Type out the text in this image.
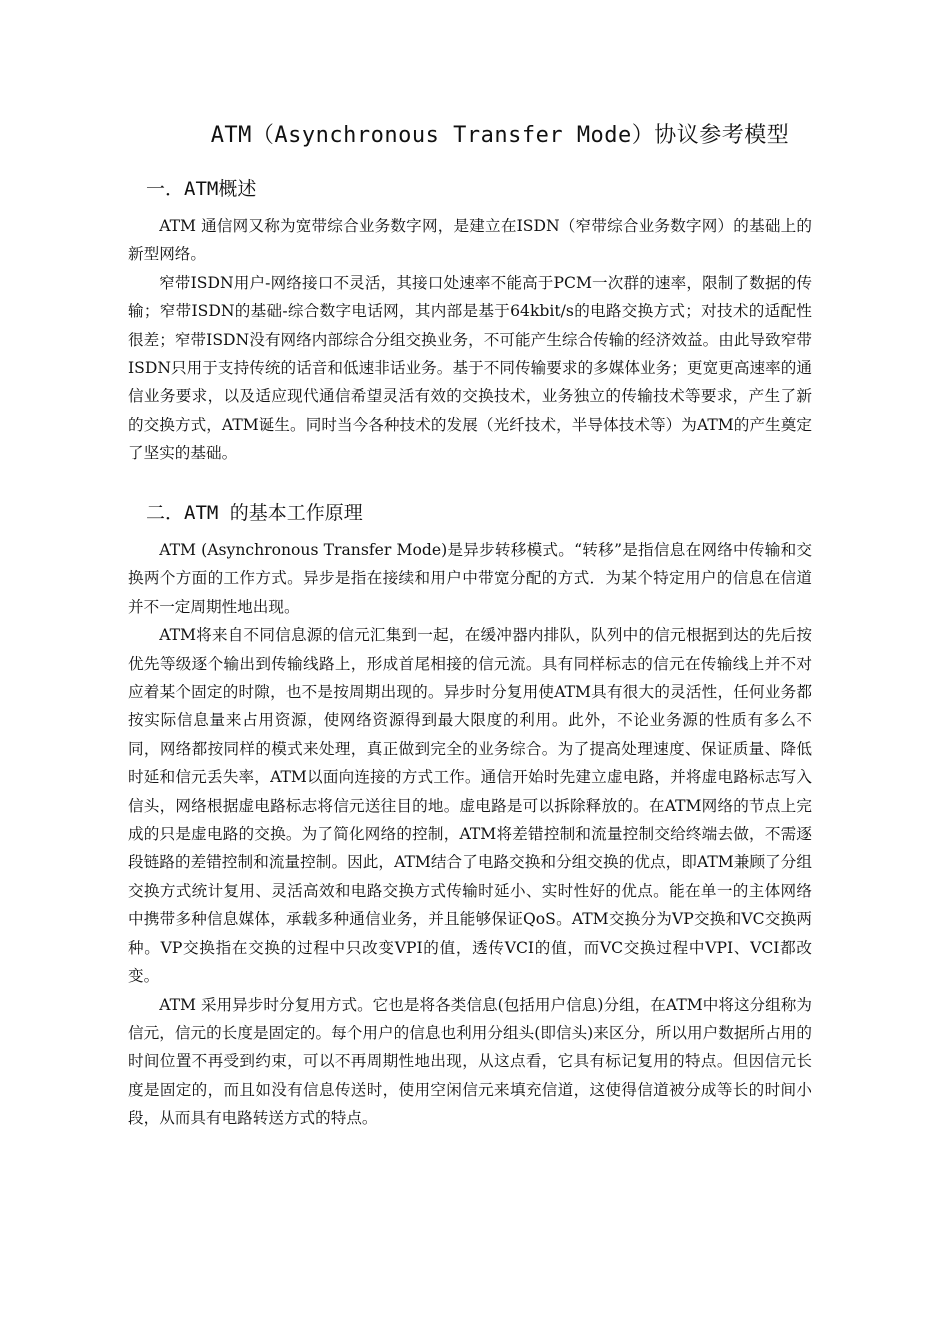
ATM（Asynchronous Transfer Mode）协议参考模型
一．ATM概述

ATM 通信网又称为宽带综合业务数字网，是建立在ISDN（窄带综合业务数字网）的基础上的新型网络。

窄带ISDN用户-网络接口不灵活，其接口处速率不能高于PCM一次群的速率，限制了数据的传输；窄带ISDN的基础-综合数字电话网，其内部是基于64kbit/s的电路交换方式；对技术的适配性很差；窄带ISDN没有网络内部综合分组交换业务，不可能产生综合传输的经济效益。由此导致窄带ISDN只用于支持传统的话音和低速非话业务。基于不同传输要求的多媒体业务；更宽更高速率的通信业务要求，以及适应现代通信希望灵活有效的交换技术，业务独立的传输技术等要求，产生了新的交换方式，ATM诞生。同时当今各种技术的发展（光纤技术，半导体技术等）为ATM的产生奠定了坚实的基础。

二．ATM 的基本工作原理

ATM (Asynchronous Transfer Mode)是异步转移模式。“转移”是指信息在网络中传输和交换两个方面的工作方式。异步是指在接续和用户中带宽分配的方式．为某个特定用户的信息在信道并不一定周期性地出现。

ATM将来自不同信息源的信元汇集到一起，在缓冲器内排队，队列中的信元根据到达的先后按优先等级逐个输出到传输线路上，形成首尾相接的信元流。具有同样标志的信元在传输线上并不对应着某个固定的时隙，也不是按周期出现的。异步时分复用使ATM具有很大的灵活性，任何业务都按实际信息量来占用资源，使网络资源得到最大限度的利用。此外，不论业务源的性质有多么不同，网络都按同样的模式来处理，真正做到完全的业务综合。为了提高处理速度、保证质量、降低时延和信元丢失率，ATM以面向连接的方式工作。通信开始时先建立虚电路，并将虚电路标志写入信头，网络根据虚电路标志将信元送往目的地。虚电路是可以拆除释放的。在ATM网络的节点上完成的只是虚电路的交换。为了简化网络的控制，ATM将差错控制和流量控制交给终端去做，不需逐段链路的差错控制和流量控制。因此，ATM结合了电路交换和分组交换的优点，即ATM兼顾了分组交换方式统计复用、灵活高效和电路交换方式传输时延小、实时性好的优点。能在单一的主体网络中携带多种信息媒体，承载多种通信业务，并且能够保证QoS。ATM交换分为VP交换和VC交换两种。VP交换指在交换的过程中只改变VPI的值，透传VCI的值，而VC交换过程中VPI、VCI都改变。

ATM 采用异步时分复用方式。它也是将各类信息(包括用户信息)分组，在ATM中将这分组称为信元，信元的长度是固定的。每个用户的信息也利用分组头(即信头)来区分，所以用户数据所占用的时间位置不再受到约束，可以不再周期性地出现，从这点看，它具有标记复用的特点。但因信元长度是固定的，而且如没有信息传送时，使用空闲信元来填充信道，这使得信道被分成等长的时间小段，从而具有电路转送方式的特点。
